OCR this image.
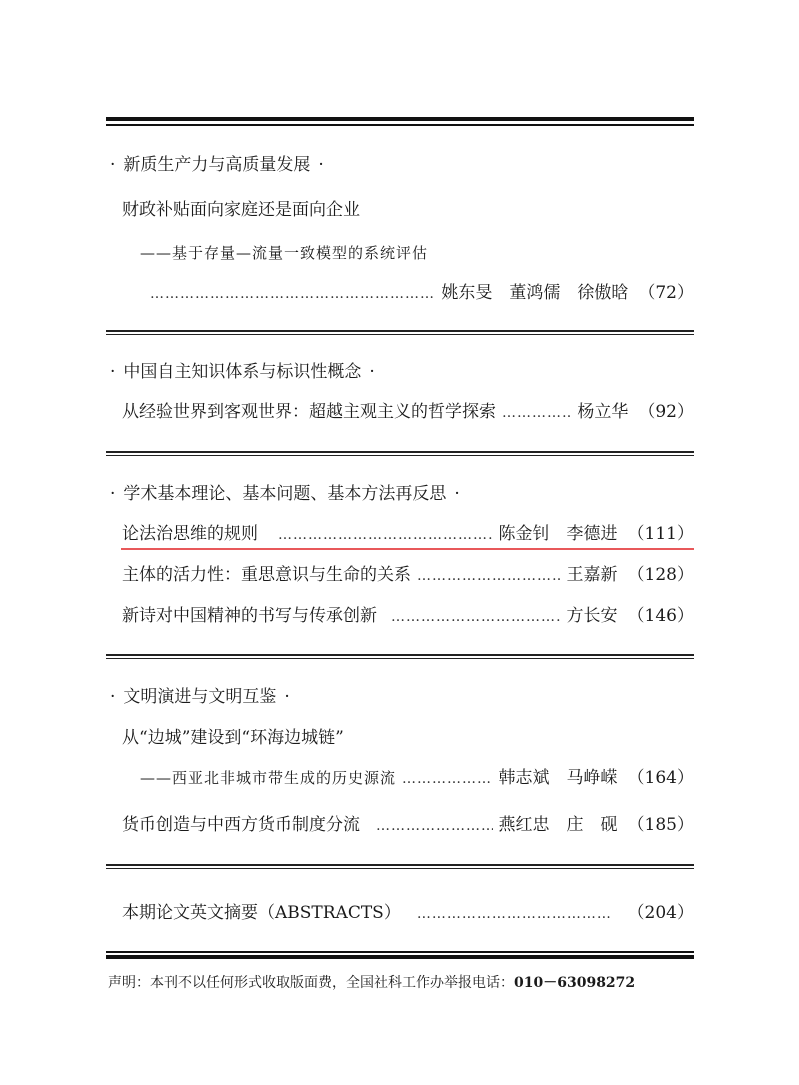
· 新质生产力与高质量发展 ·
财政补贴面向家庭还是面向企业
——基于存量—流量一致模型的系统评估
……………………………………………………………………………………………………………
姚东旻　董鸿儒　徐傲晗 （72）
· 中国自主知识体系与标识性概念 ·
从经验世界到客观世界：超越主观主义的哲学探索 ……………………………………………………………………………………………………………	杨立华 （92）
· 学术基本理论、基本问题、基本方法再反思 ·
论法治思维的规则 ……………………………………………………………………………………………………………	陈金钊　李德进 （111）
主体的活力性：重思意识与生命的关系 ……………………………………………………………………………………………………………	王嘉新 （128）
新诗对中国精神的书写与传承创新 ……………………………………………………………………………………………………………	方长安 （146）
· 文明演进与文明互鉴 ·
从“边城”建设到“环海边城链”
——西亚北非城市带生成的历史源流 ……………………………………………………………………………………………………………	韩志斌　马峥嵘 （164）
货币创造与中西方货币制度分流 ……………………………………………………………………………………………………………	燕红忠　庄　砚 （185）
本期论文英文摘要（ABSTRACTS） ……………………………………………………………………………………………………………	（204）
声明：本刊不以任何形式收取版面费，全国社科工作办举报电话：010－63098272
